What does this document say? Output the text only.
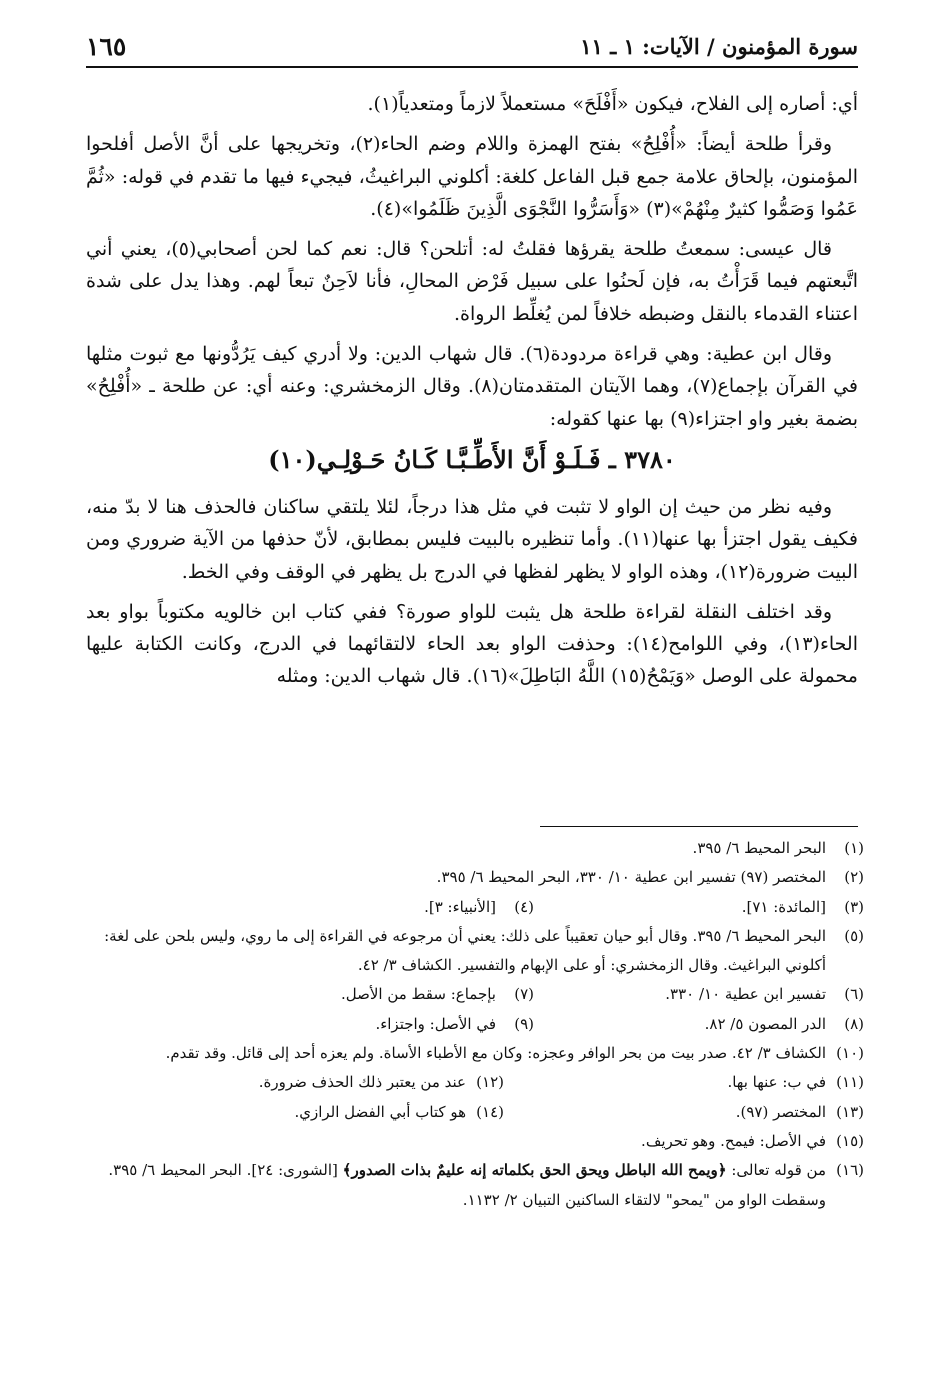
سورة المؤمنون / الآيات: ١ ـ ١١
١٦٥

أي: أصاره إلى الفلاح، فيكون «أَفْلَحَ» مستعملاً لازماً ومتعدياً(١).

وقرأ طلحة أيضاً: «أُفْلِحُ» بفتح الهمزة واللام وضم الحاء(٢)، وتخريجها على أنَّ الأصل أفلحوا المؤمنون، بإلحاق علامة جمع قبل الفاعل كلغة: أكلوني البراغيثُ، فيجيء فيها ما تقدم في قوله: «ثُمَّ عَمُوا وَصَمُّوا كثيرٌ مِنْهُمْ»(٣) «وَأَسَرُّوا النَّجْوَى الَّذِينَ ظَلَمُوا»(٤).

قال عيسى: سمعتُ طلحة يقرؤها فقلتُ له: أتلحن؟ قال: نعم كما لحن أصحابي(٥)، يعني أني اتَّبعتهم فيما قَرَأْتُ به، فإن لَحنُوا على سبيل فَرْض المحالِ، فأنا لاَحِنٌ تبعاً لهم. وهذا يدل على شدة اعتناء القدماء بالنقل وضبطه خلافاً لمن يُغلِّط الرواة.

وقال ابن عطية: وهي قراءة مردودة(٦). قال شهاب الدين: ولا أدري كيف يَرُدُّونها مع ثبوت مثلها في القرآن بإجماع(٧)، وهما الآيتان المتقدمتان(٨). وقال الزمخشري: وعنه أي: عن طلحة ـ «أُفْلِحُ» بضمة بغير واو اجتزاء(٩) بها عنها كقوله:

٣٧٨٠ ـ فَـلَـوْ أَنَّ الأَطِّـبَّـا كَـانُ حَـوْلِـي(١٠)

وفيه نظر من حيث إن الواو لا تثبت في مثل هذا درجاً، لئلا يلتقي ساكنان فالحذف هنا لا بدّ منه، فكيف يقول اجتزأ بها عنها(١١). وأما تنظيره بالبيت فليس بمطابق، لأنّ حذفها من الآية ضروري ومن البيت ضرورة(١٢)، وهذه الواو لا يظهر لفظها في الدرج بل يظهر في الوقف وفي الخط.

وقد اختلف النقلة لقراءة طلحة هل يثبت للواو صورة؟ ففي كتاب ابن خالويه مكتوباً بواو بعد الحاء(١٣)، وفي اللوامح(١٤): وحذفت الواو بعد الحاء لالتقائهما في الدرج، وكانت الكتابة عليها محمولة على الوصل «وَيَمْحُ(١٥) اللَّهُ البَاطِلَ»(١٦). قال شهاب الدين: ومثله

(١)
البحر المحيط ٦/ ٣٩٥.
(٢)
المختصر (٩٧) تفسير ابن عطية ١٠/ ٣٣٠، البحر المحيط ٦/ ٣٩٥.
(٣)
[المائدة: ٧١].
(٤)
[الأنبياء: ٣].
(٥)
البحر المحيط ٦/ ٣٩٥. وقال أبو حيان تعقيباً على ذلك: يعني أن مرجوعه في القراءة إلى ما روي، وليس بلحن على لغة: أكلوني البراغيث. وقال الزمخشري: أو على الإبهام والتفسير. الكشاف ٣/ ٤٢.
(٦)
تفسير ابن عطية ١٠/ ٣٣٠.
(٧)
بإجماع: سقط من الأصل.
(٨)
الدر المصون ٥/ ٨٢.
(٩)
في الأصل: واجتزاء.
(١٠)
الكشاف ٣/ ٤٢. صدر بيت من بحر الوافر وعجزه: وكان مع الأطباء الأساة. ولم يعزه أحد إلى قائل. وقد تقدم.
(١١)
في ب: عنها بها.
(١٢)
عند من يعتبر ذلك الحذف ضرورة.
(١٣)
المختصر (٩٧).
(١٤)
هو كتاب أبي الفضل الرازي.
(١٥)
في الأصل: فيمح. وهو تحريف.
(١٦)
من قوله تعالى: ﴿ويمح الله الباطل ويحق الحق بكلماته إنه عليمٌ بذات الصدور﴾ [الشورى: ٢٤]. البحر المحيط ٦/ ٣٩٥. وسقطت الواو من "يمحو" لالتقاء الساكنين التبيان ٢/ ١١٣٢.
